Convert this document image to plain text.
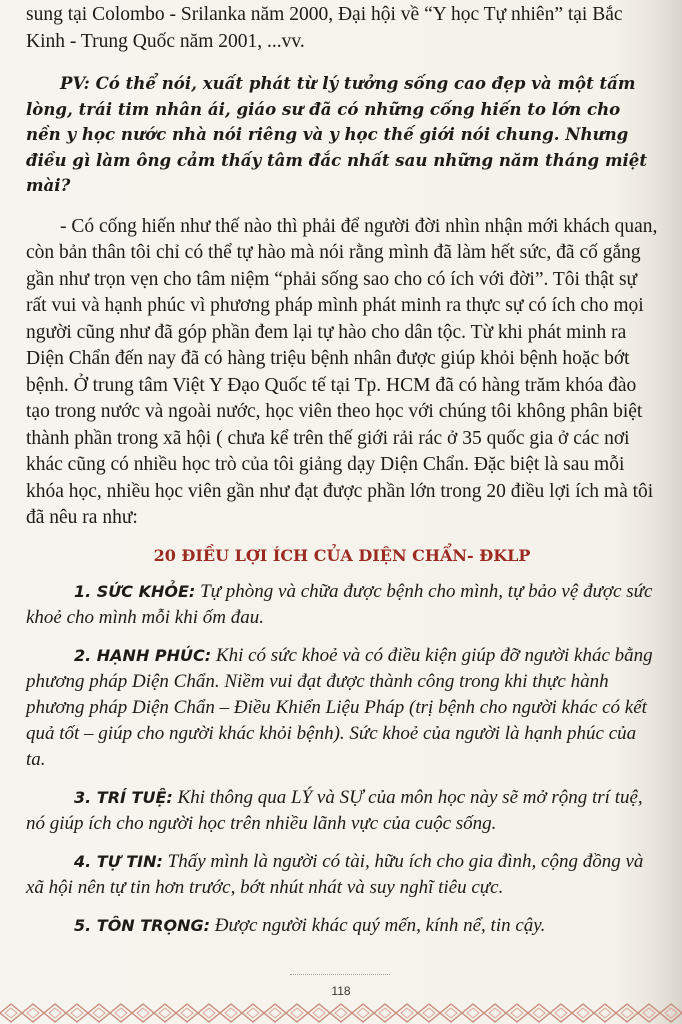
sung tại Colombo - Srilanka năm 2000, Đại hội về “Y học Tự nhiên” tại Bắc Kinh - Trung Quốc năm 2001, ...vv.

PV: Có thể nói, xuất phát từ lý tưởng sống cao đẹp và một tấm lòng, trái tim nhân ái, giáo sư đã có những cống hiến to lớn cho nền y học nước nhà nói riêng và y học thế giới nói chung. Nhưng điều gì làm ông cảm thấy tâm đắc nhất sau những năm tháng miệt mài?

- Có cống hiến như thế nào thì phải để người đời nhìn nhận mới khách quan, còn bản thân tôi chỉ có thể tự hào mà nói rằng mình đã làm hết sức, đã cố gắng gần như trọn vẹn cho tâm niệm “phải sống sao cho có ích với đời”. Tôi thật sự rất vui và hạnh phúc vì phương pháp mình phát minh ra thực sự có ích cho mọi người cũng như đã góp phần đem lại tự hào cho dân tộc. Từ khi phát minh ra Diện Chẩn đến nay đã có hàng triệu bệnh nhân được giúp khỏi bệnh hoặc bớt bệnh. Ở trung tâm Việt Y Đạo Quốc tế tại Tp. HCM đã có hàng trăm khóa đào tạo trong nước và ngoài nước, học viên theo học với chúng tôi không phân biệt thành phần trong xã hội ( chưa kể trên thế giới rải rác ở 35 quốc gia ở các nơi khác cũng có nhiều học trò của tôi giảng dạy Diện Chẩn. Đặc biệt là sau mỗi khóa học, nhiều học viên gần như đạt được phần lớn trong 20 điều lợi ích mà tôi đã nêu ra như:

20 ĐIỀU LỢI ÍCH CỦA DIỆN CHẨN- ĐKLP

1. SỨC KHỎE: Tự phòng và chữa được bệnh cho mình, tự bảo vệ được sức khoẻ cho mình mỗi khi ốm đau.

2. HẠNH PHÚC: Khi có sức khoẻ và có điều kiện giúp đỡ người khác bằng phương pháp Diện Chẩn. Niềm vui đạt được thành công trong khi thực hành phương pháp Diện Chẩn – Điều Khiển Liệu Pháp (trị bệnh cho người khác có kết quả tốt – giúp cho người khác khỏi bệnh). Sức khoẻ của người là hạnh phúc của ta.

3. TRÍ TUỆ: Khi thông qua LÝ và SỰ của môn học này sẽ mở rộng trí tuệ, nó giúp ích cho người học trên nhiều lãnh vực của cuộc sống.

4. TỰ TIN: Thấy mình là người có tài, hữu ích cho gia đình, cộng đồng và xã hội nên tự tin hơn trước, bớt nhút nhát và suy nghĩ tiêu cực.

5. TÔN TRỌNG: Được người khác quý mến, kính nể, tin cậy.

118
